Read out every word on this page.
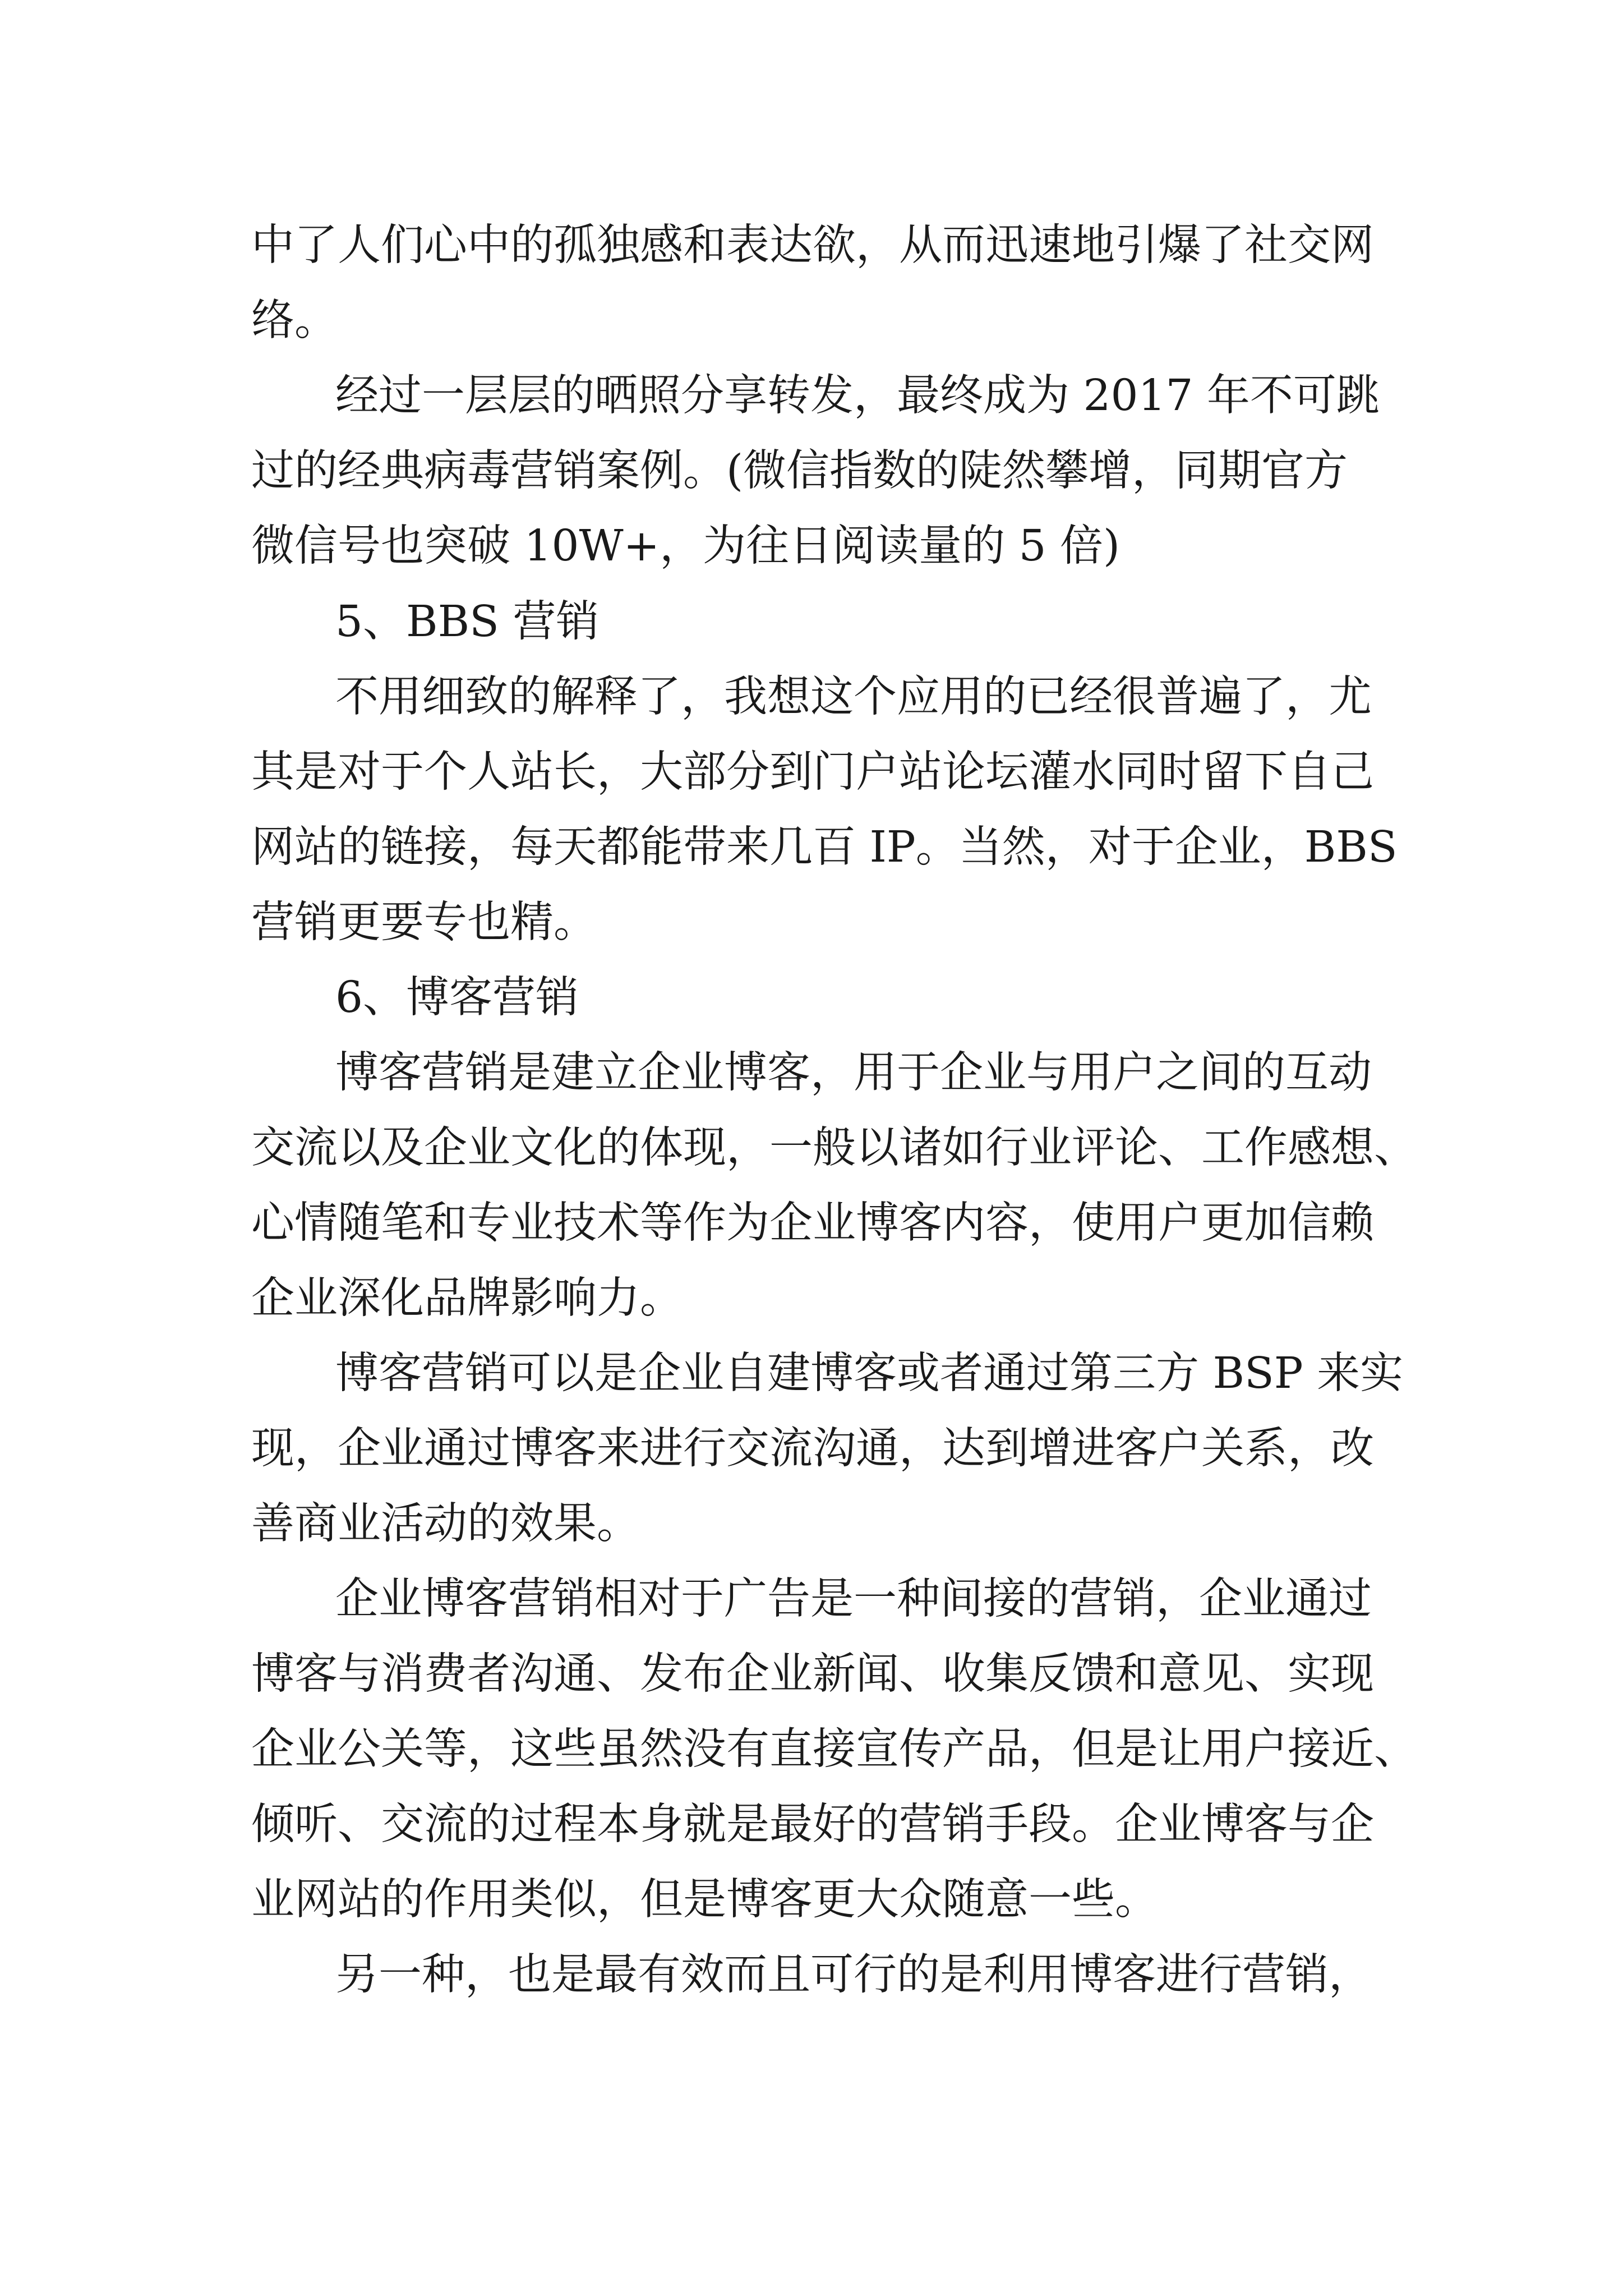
中了人们心中的孤独感和表达欲，从而迅速地引爆了社交网
络。
经过一层层的晒照分享转发，最终成为 2017 年不可跳
过的经典病毒营销案例。(微信指数的陡然攀增，同期官方
微信号也突破 10W+，为往日阅读量的 5 倍)
5、BBS 营销
不用细致的解释了，我想这个应用的已经很普遍了，尤
其是对于个人站长，大部分到门户站论坛灌水同时留下自己
网站的链接，每天都能带来几百 IP。当然，对于企业，BBS
营销更要专也精。
6、博客营销
博客营销是建立企业博客，用于企业与用户之间的互动
交流以及企业文化的体现，一般以诸如行业评论、工作感想、
心情随笔和专业技术等作为企业博客内容，使用户更加信赖
企业深化品牌影响力。
博客营销可以是企业自建博客或者通过第三方 BSP 来实
现，企业通过博客来进行交流沟通，达到增进客户关系，改
善商业活动的效果。
企业博客营销相对于广告是一种间接的营销，企业通过
博客与消费者沟通、发布企业新闻、收集反馈和意见、实现
企业公关等，这些虽然没有直接宣传产品，但是让用户接近、
倾听、交流的过程本身就是最好的营销手段。企业博客与企
业网站的作用类似，但是博客更大众随意一些。
另一种，也是最有效而且可行的是利用博客进行营销，
